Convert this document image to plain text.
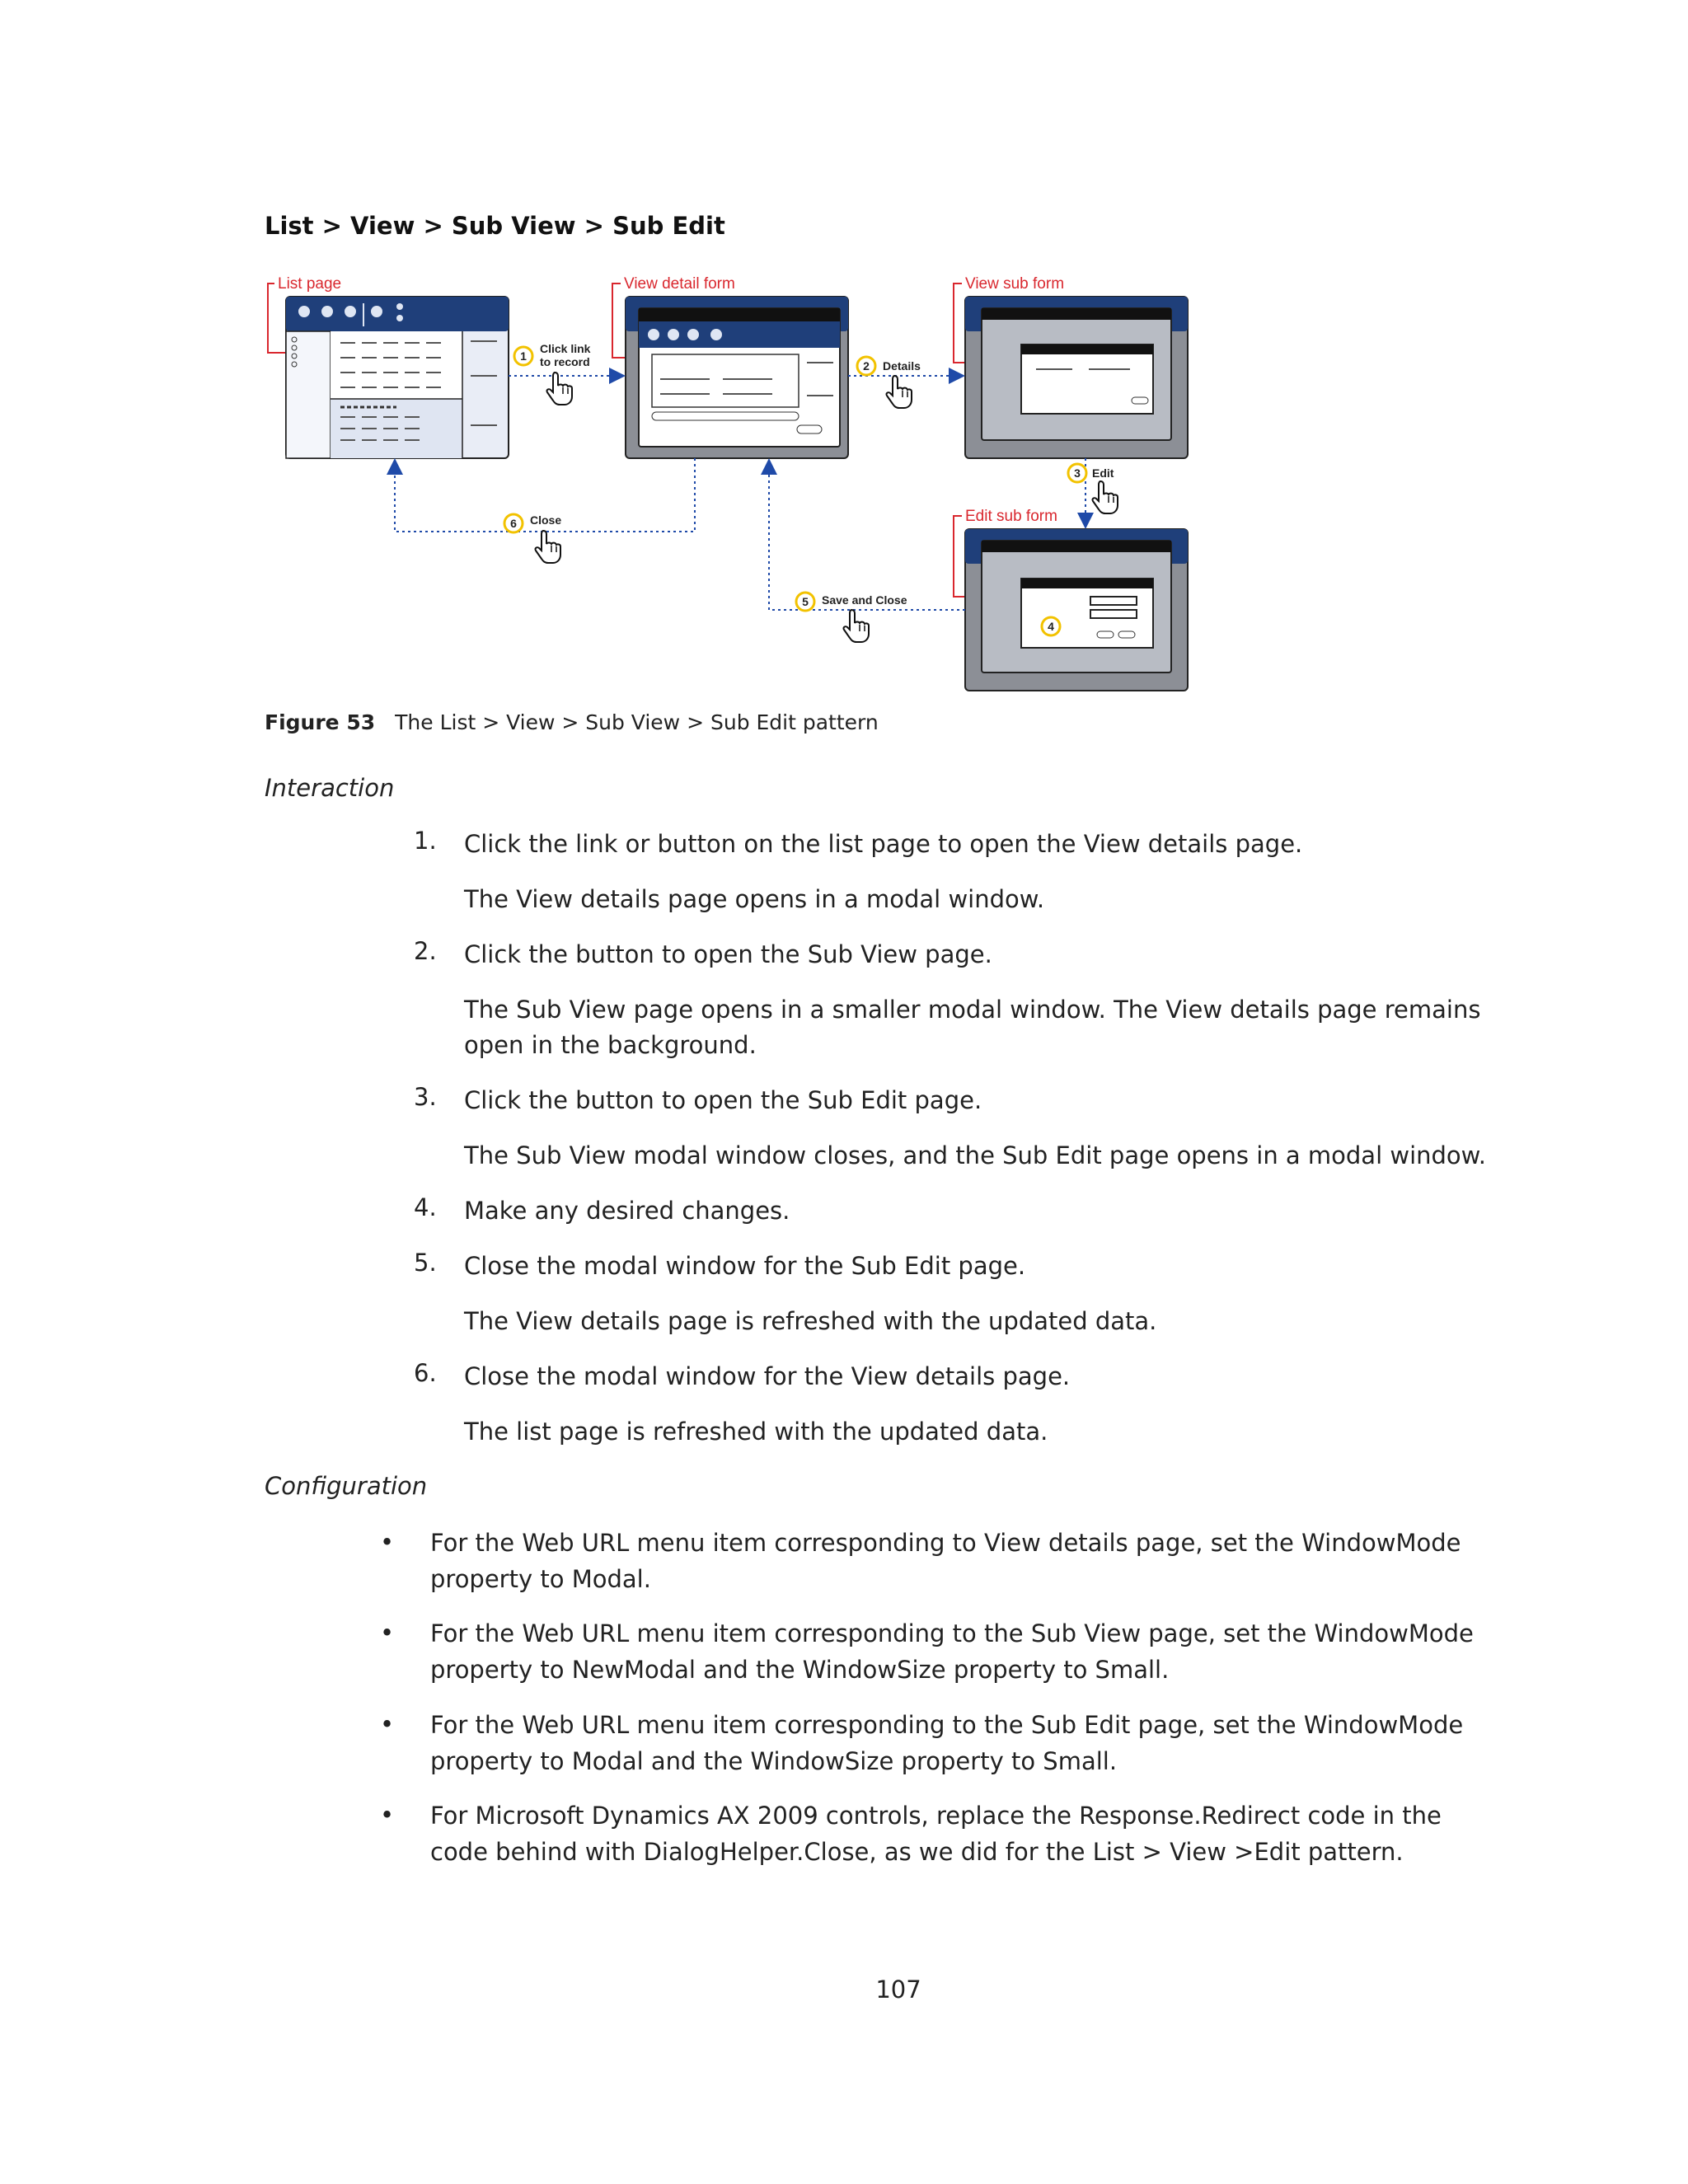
List > View > Sub View > Sub Edit
List page	View detail form	View sub form
Edit sub form
1
Click link
to record	2 Details
3 Edit
4
5 Save and Close
6 Close
Figure 53 The List > View > Sub View > Sub Edit pattern
Interaction
1.	Click the link or button on the list page to open the View details page.
The View details page opens in a modal window.
2.	Click the button to open the Sub View page.
The Sub View page opens in a smaller modal window. The View details page remains open in the background.
3.	Click the button to open the Sub Edit page.
The Sub View modal window closes, and the Sub Edit page opens in a modal window.
4.	Make any desired changes.
5.	Close the modal window for the Sub Edit page.
The View details page is refreshed with the updated data.
6.	Close the modal window for the View details page.
The list page is refreshed with the updated data.
Configuration
• For the Web URL menu item corresponding to View details page, set the WindowMode property to Modal.
• For the Web URL menu item corresponding to the Sub View page, set the WindowMode property to NewModal and the WindowSize property to Small.
• For the Web URL menu item corresponding to the Sub Edit page, set the WindowMode property to Modal and the WindowSize property to Small.
• For Microsoft Dynamics AX 2009 controls, replace the Response.Redirect code in the code behind with DialogHelper.Close, as we did for the List > View >Edit pattern.
107
